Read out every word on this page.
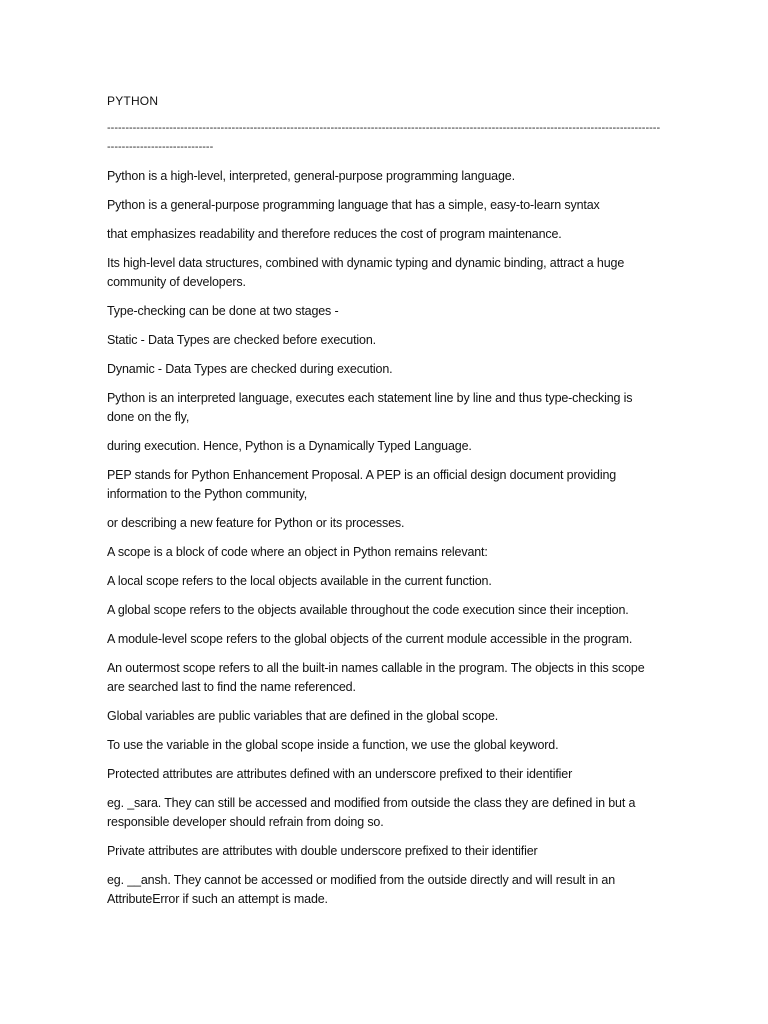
PYTHON
------------------------------------------------------------------------------------------------------------------------------------------------------------------------------------

Python is a high-level, interpreted, general-purpose programming language.

Python is a general-purpose programming language that has a simple, easy-to-learn syntax

that emphasizes readability and therefore reduces the cost of program maintenance.

Its high-level data structures, combined with dynamic typing and dynamic binding, attract a huge community of developers.

Type-checking can be done at two stages -

Static - Data Types are checked before execution.

Dynamic - Data Types are checked during execution.

Python is an interpreted language, executes each statement line by line and thus type-checking is done on the fly,

during execution. Hence, Python is a Dynamically Typed Language.

PEP stands for Python Enhancement Proposal. A PEP is an official design document providing information to the Python community,

or describing a new feature for Python or its processes.

A scope is a block of code where an object in Python remains relevant:

A local scope refers to the local objects available in the current function.

A global scope refers to the objects available throughout the code execution since their inception.

A module-level scope refers to the global objects of the current module accessible in the program.

An outermost scope refers to all the built-in names callable in the program. The objects in this scope are searched last to find the name referenced.

Global variables are public variables that are defined in the global scope.

To use the variable in the global scope inside a function, we use the global keyword.

Protected attributes are attributes defined with an underscore prefixed to their identifier

eg. _sara. They can still be accessed and modified from outside the class they are defined in but a responsible developer should refrain from doing so.

Private attributes are attributes with double underscore prefixed to their identifier

eg. __ansh. They cannot be accessed or modified from the outside directly and will result in an AttributeError if such an attempt is made.
